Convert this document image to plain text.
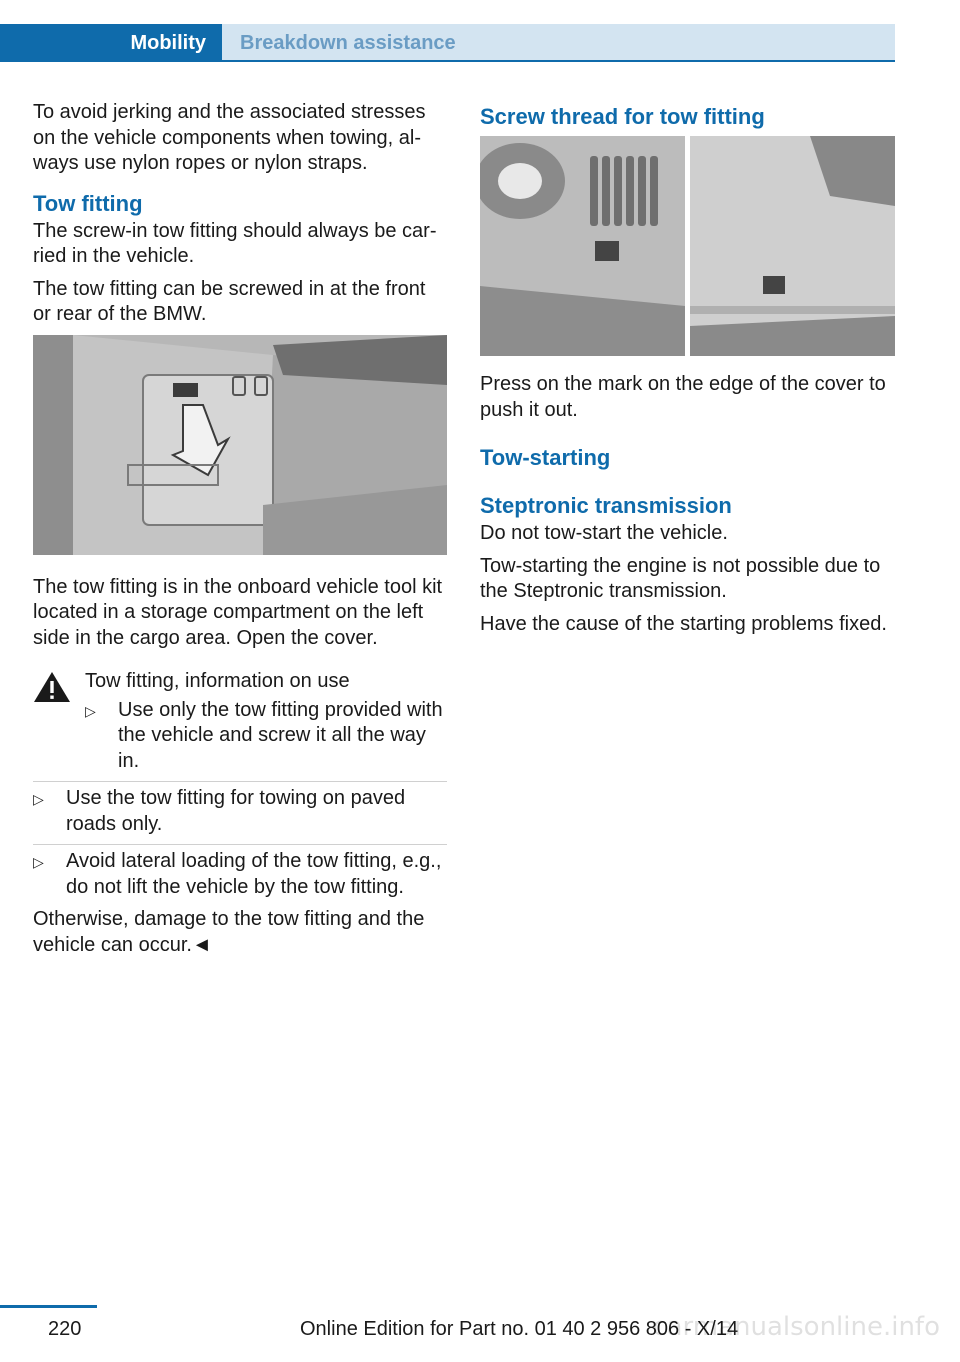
Mobility Breakdown assistance

To avoid jerking and the associated stresses on the vehicle components when towing, always use nylon ropes or nylon straps.

Tow fitting

The screw-in tow fitting should always be carried in the vehicle.

The tow fitting can be screwed in at the front or rear of the BMW.

The tow fitting is in the onboard vehicle tool kit located in a storage compartment on the left side in the cargo area. Open the cover.

Tow fitting, information on use
▷ Use only the tow fitting provided with the vehicle and screw it all the way in.
▷ Use the tow fitting for towing on paved roads only.
▷ Avoid lateral loading of the tow fitting, e.g., do not lift the vehicle by the tow fitting.

Otherwise, damage to the tow fitting and the vehicle can occur.◄

Screw thread for tow fitting

Press on the mark on the edge of the cover to push it out.

Tow-starting
Steptronic transmission

Do not tow-start the vehicle.

Tow-starting the engine is not possible due to the Steptronic transmission.

Have the cause of the starting problems fixed.

220	Online Edition for Part no. 01 40 2 956 806 - X/14
carmanualsonline.info
